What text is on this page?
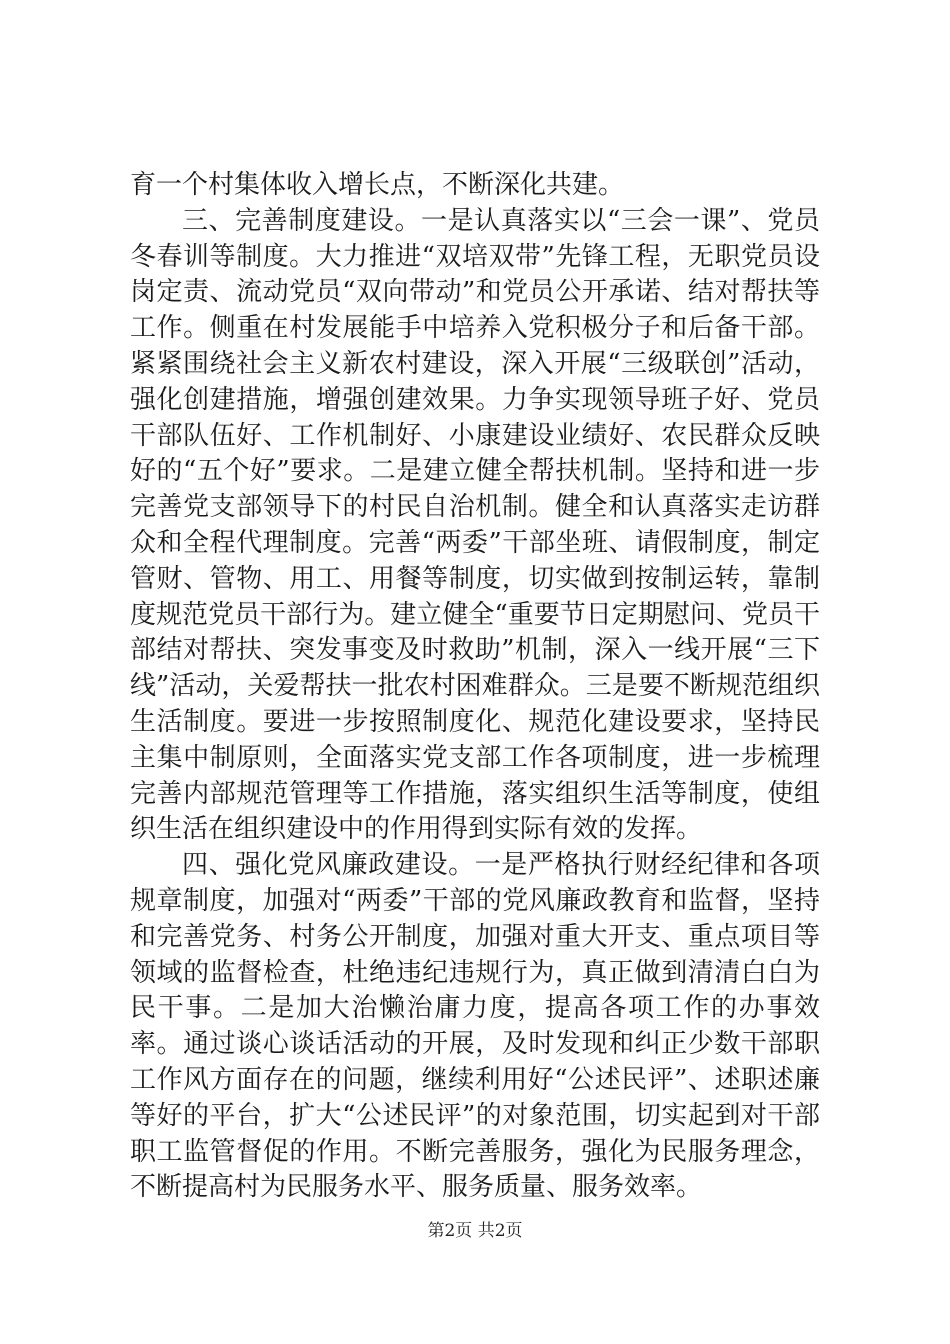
育一个村集体收入增长点，不断深化共建。

三、完善制度建设。一是认真落实以“三会一课”、党员冬春训等制度。大力推进“双培双带”先锋工程，无职党员设岗定责、流动党员“双向带动”和党员公开承诺、结对帮扶等工作。侧重在村发展能手中培养入党积极分子和后备干部。紧紧围绕社会主义新农村建设，深入开展“三级联创”活动，强化创建措施，增强创建效果。力争实现领导班子好、党员干部队伍好、工作机制好、小康建设业绩好、农民群众反映好的“五个好”要求。二是建立健全帮扶机制。坚持和进一步完善党支部领导下的村民自治机制。健全和认真落实走访群众和全程代理制度。完善“两委”干部坐班、请假制度，制定管财、管物、用工、用餐等制度，切实做到按制运转，靠制度规范党员干部行为。建立健全“重要节日定期慰问、党员干部结对帮扶、突发事变及时救助”机制，深入一线开展“三下线”活动，关爱帮扶一批农村困难群众。三是要不断规范组织生活制度。要进一步按照制度化、规范化建设要求，坚持民主集中制原则，全面落实党支部工作各项制度，进一步梳理完善内部规范管理等工作措施，落实组织生活等制度，使组织生活在组织建设中的作用得到实际有效的发挥。

四、强化党风廉政建设。一是严格执行财经纪律和各项规章制度，加强对“两委”干部的党风廉政教育和监督，坚持和完善党务、村务公开制度，加强对重大开支、重点项目等领域的监督检查，杜绝违纪违规行为，真正做到清清白白为民干事。二是加大治懒治庸力度，提高各项工作的办事效率。通过谈心谈话活动的开展，及时发现和纠正少数干部职工作风方面存在的问题，继续利用好“公述民评”、述职述廉等好的平台，扩大“公述民评”的对象范围，切实起到对干部职工监管督促的作用。不断完善服务，强化为民服务理念，不断提高村为民服务水平、服务质量、服务效率。

第2页 共2页
